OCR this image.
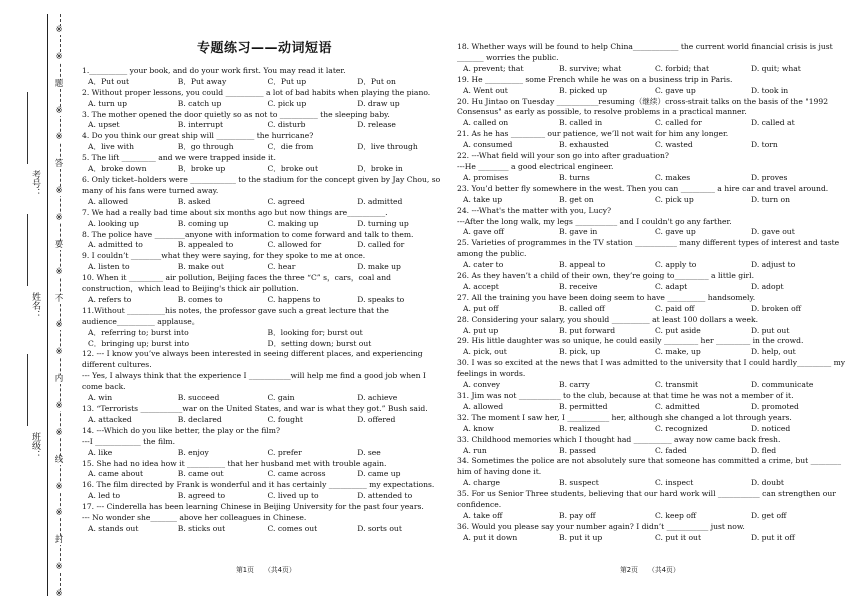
※
※
题
※
※
答
※
※
要
※
不
※
※
内
※
※
线
※
※
封
※
※
考号：
姓名：
班级：
专题练习——动词短语
1.__________ your book, and do your work first. You may read it later.
A．Put out	B．Put away	C．Put up	D．Put on
2. Without proper lessons, you could __________ a lot of bad habits when playing the piano.
A. turn up	B. catch up	C. pick up	D. draw up
3. The mother opened the door quietly so as not to __________ the sleeping baby.
A. upset	B. interrupt	C. disturb	D. release
4. Do you think our great ship will __________ the hurricane?
A．live with	B．go through	C．die from	D．live through
5. The lift _________ and we were trapped inside it.
A．broke down	B．broke up	C．broke out	D．broke in
6. Only ticket–holders were ____________ to the stadium for the concept given by Jay Chou, so many of his fans were turned away.
A. allowed	B. asked	C. agreed	D. admitted
7. We had a really bad time about six months ago but now things are__________.
A. looking up	B. coming up	C. making up	D. turning up
8. The police have ________anyone with information to come forward and talk to them.
A. admitted to	B. appealed to	C. allowed for	D. called for
9. I couldn’t ________what they were saying, for they spoke to me at once.
A. listen to	B. make out	C. hear	D. make up
10. When it _________ air pollution, Beijing faces the three “C” s，cars，coal and construction，which lead to Beijing's thick air pollution.
A. refers to	B. comes to	C. happens to	D. speaks to
11.Without __________his notes, the professor gave such a great lecture that the audience__________ applause。
A．referring to; burst into	B．looking for; burst out
C．bringing up; burst into	D．setting down; burst out
12. --- I know you’ve always been interested in seeing different places, and experiencing different cultures.
--- Yes, I always think that the experience I ___________will help me find a good job when I come back.
A. win	B. succeed	C. gain	D. achieve
13. “Terrorists ___________war on the United States, and war is what they got.” Bush said.
A. attacked	B. declared	C. fought	D. offered
14. ---Which do you like better, the play or the film?
---I ____________ the film.
A. like	B. enjoy	C. prefer	D. see
15. She had no idea how it __________ that her husband met with trouble again.
A. came about	B. came out	C. came across	D. came up
16. The film directed by Frank is wonderful and it has certainly __________ my expectations.
A. led to	B. agreed to	C. lived up to	D. attended to
17. --- Cinderella has been learning Chinese in Beijing University for the past four years.
--- No wonder she_______ above her colleagues in Chinese.
A. stands out	B. sticks out	C. comes out	D. sorts out
18. Whether ways will be found to help China____________ the current world financial crisis is just _______ worries the public.
A. prevent; that	B. survive; what	C. forbid; that	D. quit; what
19. He __________ some French while he was on a business trip in Paris.
A. Went out	B. picked up	C. gave up	D. took in
20. Hu Jintao on Tuesday ___________resuming（继续）cross-strait talks on the basis of the "1992 Consensus" as early as possible, to resolve problems in a practical manner.
A. called on	B. called in	C. called for	D. called at
21. As he has _________ our patience, we’ll not wait for him any longer.
A. consumed	B. exhausted	C. wasted	D. torn
22. ---What field will your son go into after graduation?
---He ________ a good electrical engineer.
A. promises	B. turns	C. makes	D. proves
23. You’d better fly somewhere in the west. Then you can _________ a hire car and travel around.
A. take up	B. get on	C. pick up	D. turn on
24. ---What's the matter with you, Lucy?
---After the long walk, my legs ___________ and I couldn't go any farther.
A. gave off	B. gave in	C. gave up	D. gave out
25. Varieties of programmes in the TV station ___________ many different types of interest and taste among the public.
A. cater to	B. appeal to	C. apply to	D. adjust to
26. As they haven’t a child of their own, they’re going to_________ a little girl.
A. accept	B. receive	C. adapt	D. adopt
27. All the training you have been doing seem to have __________ handsomely.
A. put off	B. called off	C. paid off	D. broken off
28. Considering your salary, you should __________ at least 100 dollars a week.
A. put up	B. put forward	C. put aside	D. put out
29. His little daughter was so unique, he could easily _________ her _________ in the crowd.
A. pick, out	B. pick, up	C. make, up	D. help, out
30. I was so excited at the news that I was admitted to the university that I could hardly_________ my feelings in words.
A. convey	B. carry	C. transmit	D. communicate
31. Jim was not ___________ to the club, because at that time he was not a member of it.
A. allowed	B. permitted	C. admitted	D. promoted
32. The moment I saw her, I ___________ her, although she changed a lot through years.
A. know	B. realized	C. recognized	D. noticed
33. Childhood memories which I thought had __________ away now came back fresh.
A. run	B. passed	C. faded	D. fled
34. Sometimes the police are not absolutely sure that someone has committed a crime, but ________ him of having done it.
A. charge	B. suspect	C. inspect	D. doubt
35. For us Senior Three students, believing that our hard work will ___________ can strengthen our confidence.
A. take off	B. pay off	C. keep off	D. get off
36. Would you please say your number again? I didn’t ___________ just now.
A. put it down	B. put it up	C. put it out	D. put it off
第1页　　（共4页）	第2页　　（共4页）
